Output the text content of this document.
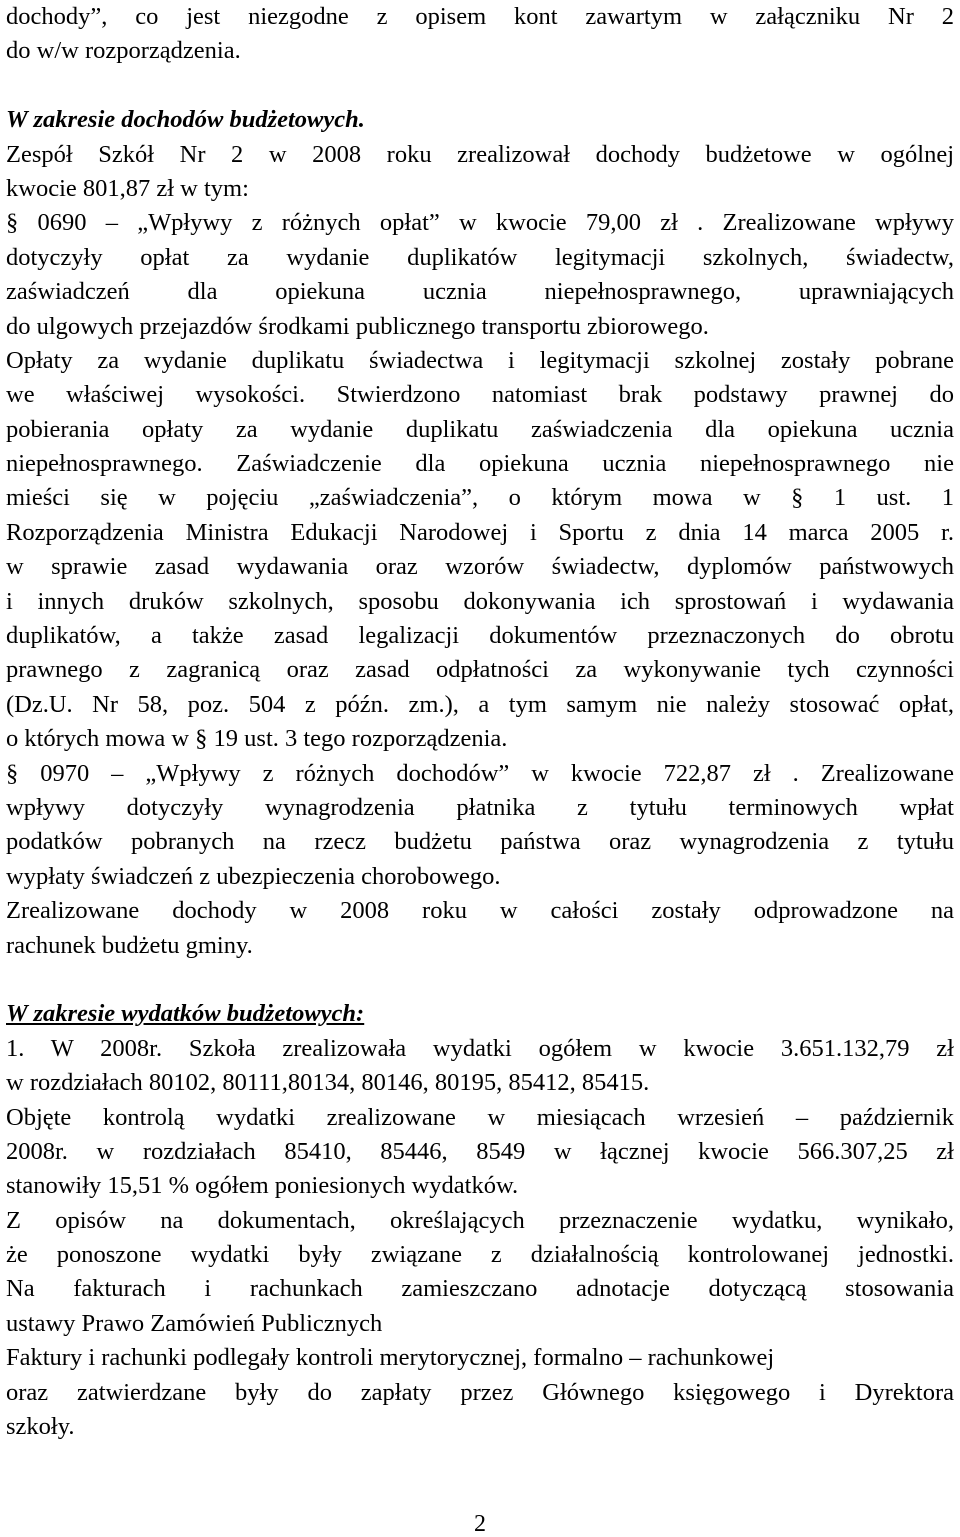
dochody”, co jest niezgodne z opisem kont zawartym w załączniku Nr 2
do w/w rozporządzenia.
W zakresie dochodów budżetowych.
Zespół Szkół Nr 2 w 2008 roku zrealizował dochody budżetowe w ogólnej
kwocie 801,87 zł w tym:
§ 0690 – „Wpływy z różnych opłat” w kwocie 79,00 zł . Zrealizowane wpływy
dotyczyły opłat za wydanie duplikatów legitymacji szkolnych, świadectw,
zaświadczeń dla opiekuna ucznia niepełnosprawnego, uprawniających
do ulgowych przejazdów środkami publicznego transportu zbiorowego.
Opłaty za wydanie duplikatu świadectwa i legitymacji szkolnej zostały pobrane
we właściwej wysokości. Stwierdzono natomiast brak podstawy prawnej do
pobierania opłaty za wydanie duplikatu zaświadczenia dla opiekuna ucznia
niepełnosprawnego. Zaświadczenie dla opiekuna ucznia niepełnosprawnego nie
mieści się w pojęciu „zaświadczenia”, o którym mowa w § 1 ust. 1
Rozporządzenia Ministra Edukacji Narodowej i Sportu z dnia 14 marca 2005 r.
w sprawie zasad wydawania oraz wzorów świadectw, dyplomów państwowych
i innych druków szkolnych, sposobu dokonywania ich sprostowań i wydawania
duplikatów, a także zasad legalizacji dokumentów przeznaczonych do obrotu
prawnego z zagranicą oraz zasad odpłatności za wykonywanie tych czynności
(Dz.U. Nr 58, poz. 504 z późn. zm.), a tym samym nie należy stosować opłat,
o których mowa w § 19 ust. 3 tego rozporządzenia.
§ 0970 – „Wpływy z różnych dochodów” w kwocie 722,87 zł . Zrealizowane
wpływy dotyczyły wynagrodzenia płatnika z tytułu terminowych wpłat
podatków pobranych na rzecz budżetu państwa oraz wynagrodzenia z tytułu
wypłaty świadczeń z ubezpieczenia chorobowego.
Zrealizowane dochody w 2008 roku w całości zostały odprowadzone na
rachunek budżetu gminy.
W zakresie wydatków budżetowych:
1. W 2008r. Szkoła zrealizowała wydatki ogółem w kwocie 3.651.132,79 zł
w rozdziałach 80102, 80111,80134, 80146, 80195, 85412, 85415.
Objęte kontrolą wydatki zrealizowane w miesiącach wrzesień – październik
2008r. w rozdziałach 85410, 85446, 8549 w łącznej kwocie 566.307,25 zł
stanowiły 15,51 % ogółem poniesionych wydatków.
Z opisów na dokumentach, określających przeznaczenie wydatku, wynikało,
że ponoszone wydatki były związane z działalnością kontrolowanej jednostki.
Na fakturach i rachunkach zamieszczano adnotacje dotyczącą stosowania
ustawy Prawo Zamówień Publicznych
Faktury i rachunki podlegały kontroli merytorycznej, formalno – rachunkowej
oraz zatwierdzane były do zapłaty przez Głównego księgowego i Dyrektora
szkoły.
2
